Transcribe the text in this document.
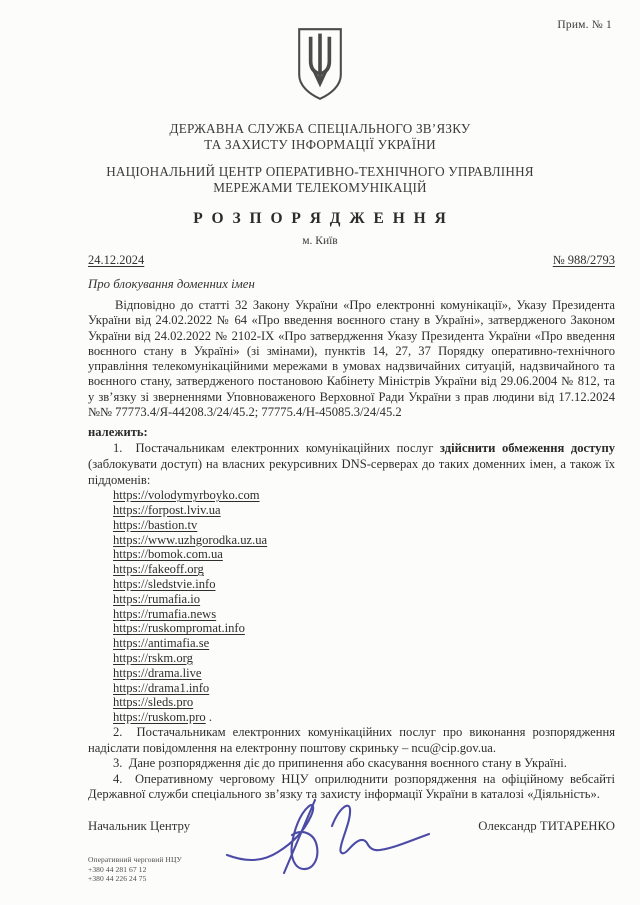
Прим. № 1
ДЕРЖАВНА СЛУЖБА СПЕЦІАЛЬНОГО ЗВ’ЯЗКУ
ТА ЗАХИСТУ ІНФОРМАЦІЇ УКРАЇНИ
НАЦІОНАЛЬНИЙ ЦЕНТР ОПЕРАТИВНО-ТЕХНІЧНОГО УПРАВЛІННЯ
МЕРЕЖАМИ ТЕЛЕКОМУНІКАЦІЙ
Р О З П О Р Я Д Ж Е Н Н Я
м. Київ
24.12.2024	№ 988/2793
Про блокування доменних імен
Відповідно до статті 32 Закону України «Про електронні комунікації», Указу Президента України від 24.02.2022 № 64 «Про введення воєнного стану в Україні», затвердженого Законом України від 24.02.2022 № 2102-IX «Про затвердження Указу Президента України «Про введення воєнного стану в Україні» (зі змінами), пунктів 14, 27, 37 Порядку оперативно-технічного управління телекомунікаційними мережами в умовах надзвичайних ситуацій, надзвичайного та воєнного стану, затвердженого постановою Кабінету Міністрів України від 29.06.2004 № 812, та у зв’язку зі зверненнями Уповноваженого Верховної Ради України з прав людини від 17.12.2024 №№ 77773.4/Я-44208.3/24/45.2; 77775.4/Н-45085.3/24/45.2
належить:
1.  Постачальникам електронних комунікаційних послуг здійснити обмеження доступу (заблокувати доступ) на власних рекурсивних DNS-серверах до таких доменних імен, а також їх піддоменів:
https://volodymyrboyko.com
https://forpost.lviv.ua
https://bastion.tv
https://www.uzhgorodka.uz.ua
https://bomok.com.ua
https://fakeoff.org
https://sledstvie.info
https://rumafia.io
https://rumafia.news
https://ruskompromat.info
https://antimafia.se
https://rskm.org
https://drama.live
https://drama1.info
https://sleds.pro
https://ruskom.pro .
2.  Постачальникам електронних комунікаційних послуг про виконання розпорядження надіслати повідомлення на електронну поштову скриньку – ncu@cip.gov.ua.
3.  Дане розпорядження діє до припинення або скасування воєнного стану в Україні.
4.  Оперативному черговому НЦУ оприлюднити розпорядження на офіційному вебсайті Державної служби спеціального зв’язку та захисту інформації України в каталозі «Діяльність».
Начальник Центру	Олександр ТИТАРЕНКО
Оперативний черговий НЦУ
+380 44 281 67 12
+380 44 226 24 75
